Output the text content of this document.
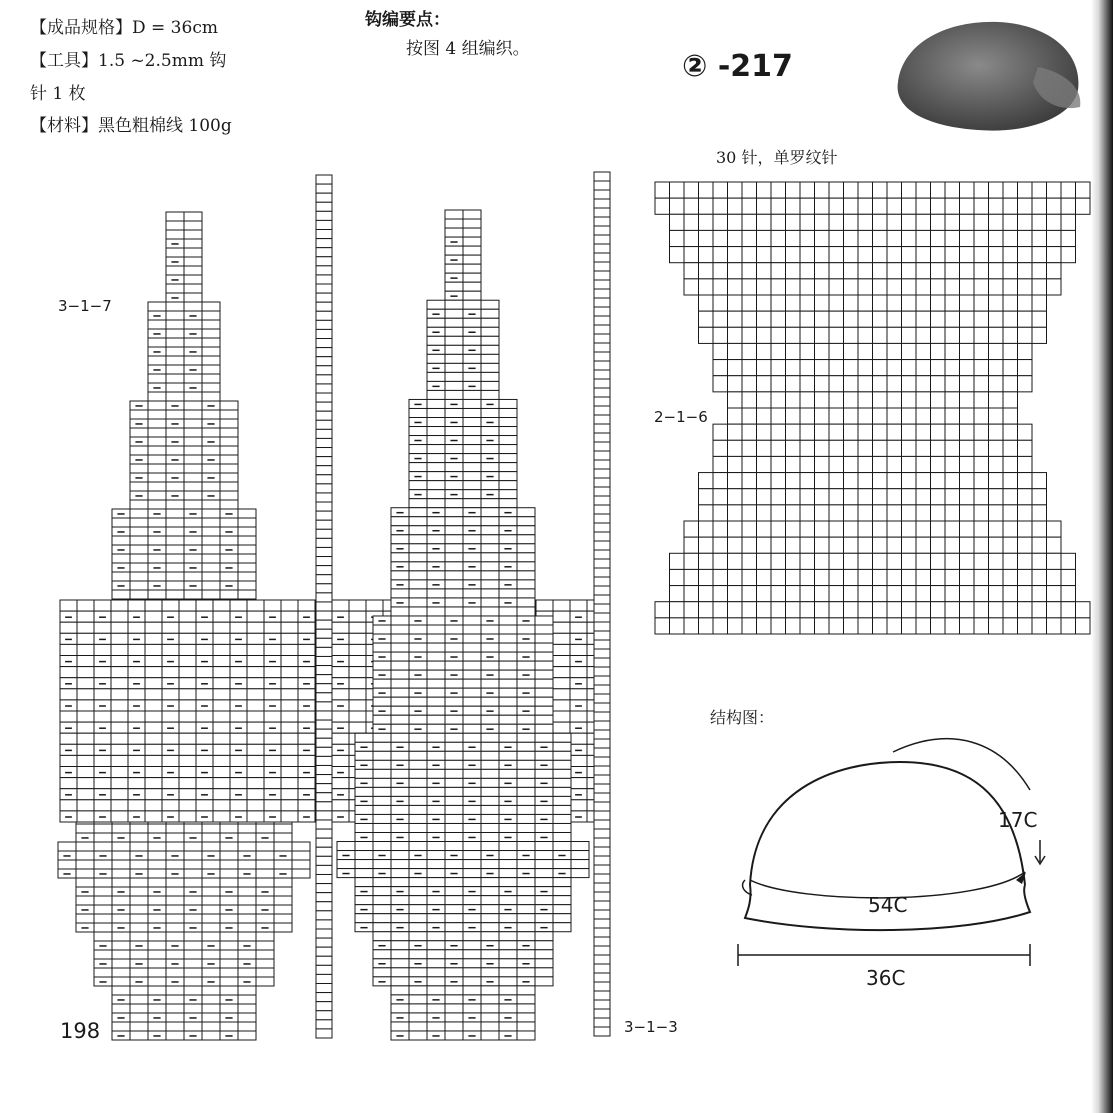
【成品规格】D = 36cm
【工具】1.5 ~2.5mm 钩
针 1 枚
【材料】黑色粗棉线 100g
钩编要点：
按图 4 组编织。	② -217
3−1−7
3−1−3
2−1−6
30 针，单罗纹针
结构图：
17C
54C
36C
198
